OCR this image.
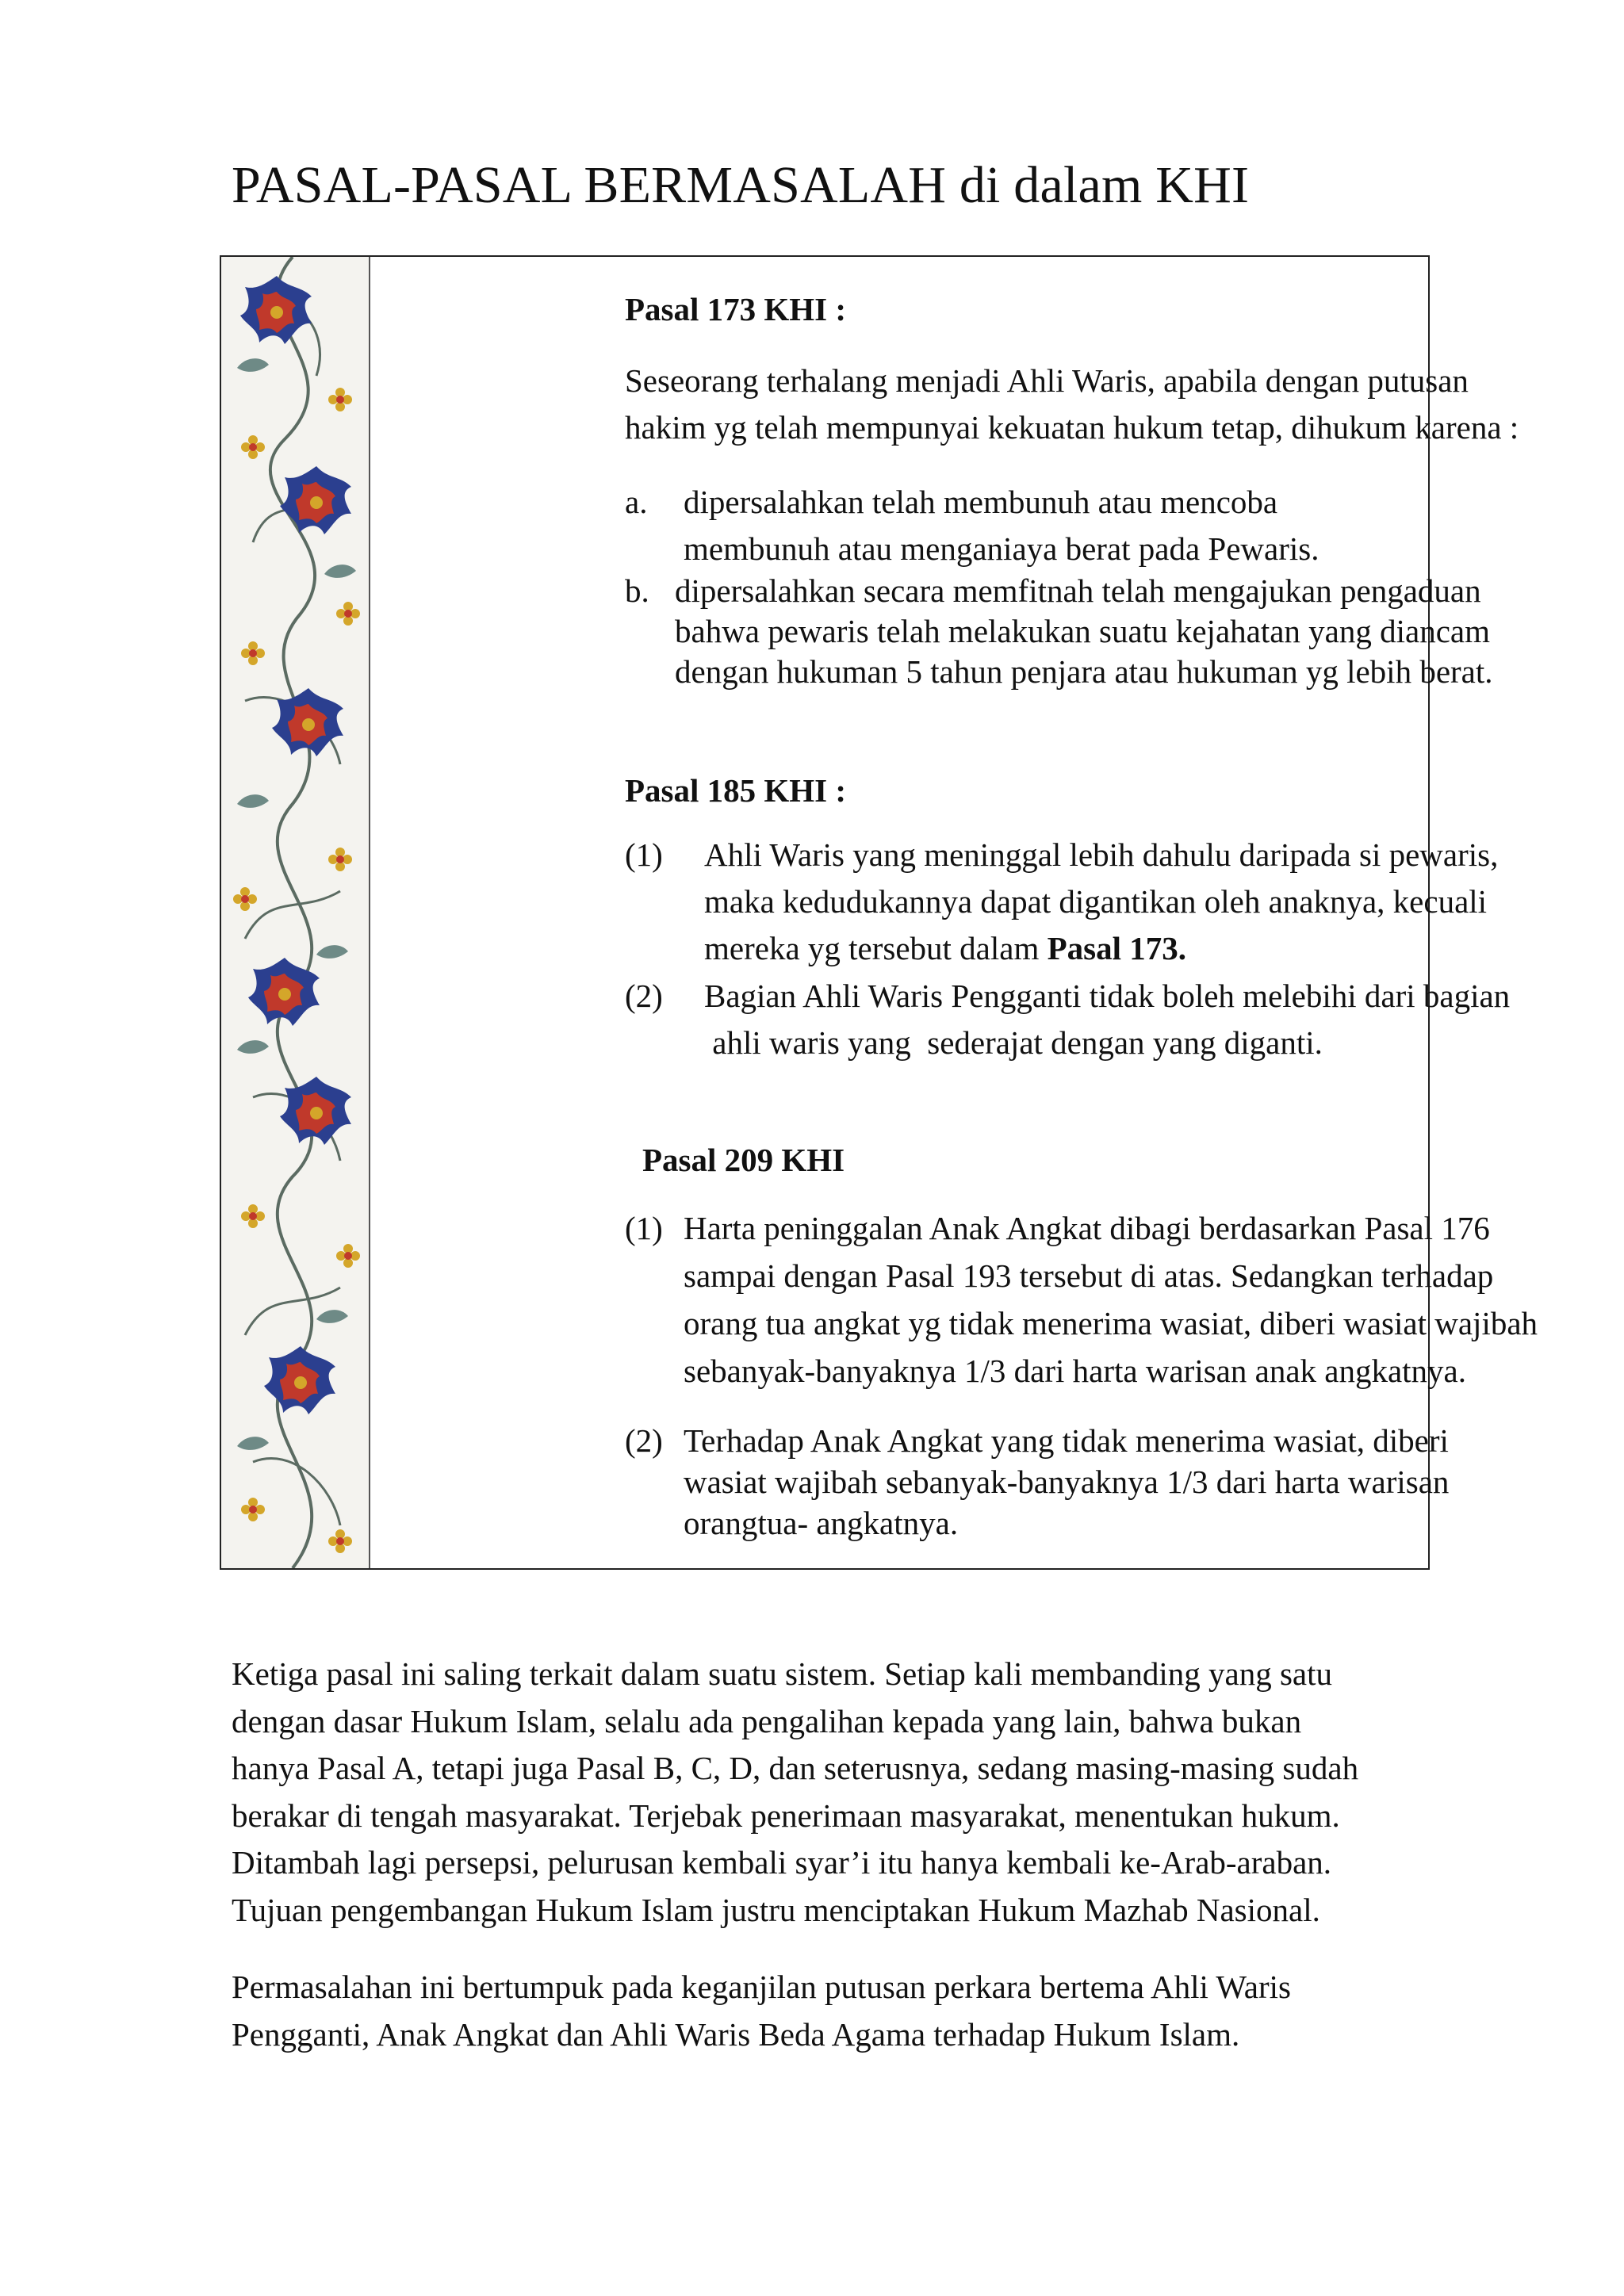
PASAL-PASAL BERMASALAH di dalam KHI
Pasal 173 KHI :
Seseorang terhalang menjadi Ahli Waris, apabila dengan putusan
hakim yg telah mempunyai kekuatan hukum tetap, dihukum karena :
a. dipersalahkan telah membunuh atau mencoba
membunuh atau menganiaya berat pada Pewaris.
b. dipersalahkan secara memfitnah telah mengajukan pengaduan
bahwa pewaris telah melakukan suatu kejahatan yang diancam
dengan hukuman 5 tahun penjara atau hukuman yg lebih berat.
Pasal 185 KHI :
(1) Ahli Waris yang meninggal lebih dahulu daripada si pewaris,
maka kedudukannya dapat digantikan oleh anaknya, kecuali
mereka yg tersebut dalam Pasal 173.
(2) Bagian Ahli Waris Pengganti tidak boleh melebihi dari bagian
ahli waris yang  sederajat dengan yang diganti.
Pasal 209 KHI
(1) Harta peninggalan Anak Angkat dibagi berdasarkan Pasal 176
sampai dengan Pasal 193 tersebut di atas. Sedangkan terhadap
orang tua angkat yg tidak menerima wasiat, diberi wasiat wajibah
sebanyak-banyaknya 1/3 dari harta warisan anak angkatnya.
(2) Terhadap Anak Angkat yang tidak menerima wasiat, diberi
wasiat wajibah sebanyak-banyaknya 1/3 dari harta warisan
orangtua- angkatnya.
Ketiga pasal ini saling terkait dalam suatu sistem. Setiap kali membanding yang satu
dengan dasar Hukum Islam, selalu ada pengalihan kepada yang lain, bahwa bukan
hanya Pasal A, tetapi juga Pasal B, C, D, dan seterusnya, sedang masing-masing sudah
berakar di tengah masyarakat. Terjebak penerimaan masyarakat, menentukan hukum.
Ditambah lagi persepsi, pelurusan kembali syar’i itu hanya kembali ke-Arab-araban.
Tujuan pengembangan Hukum Islam justru menciptakan Hukum Mazhab Nasional.
Permasalahan ini bertumpuk pada keganjilan putusan perkara bertema Ahli Waris
Pengganti, Anak Angkat dan Ahli Waris Beda Agama terhadap Hukum Islam.
